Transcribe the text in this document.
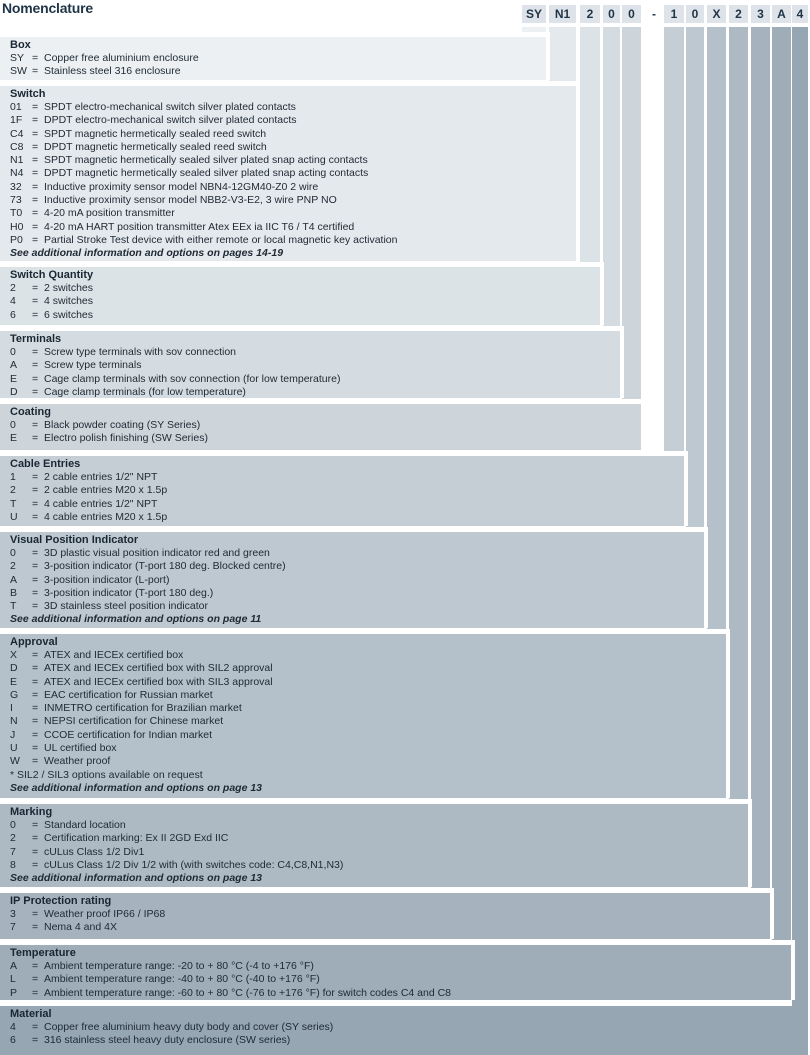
Nomenclature	SY	N1	2	0	0	-	1	0	X	2	3	A 4
Material
4 = Copper free aluminium heavy duty body and cover (SY series)
6 = 316 stainless steel heavy duty enclosure (SW series)
Temperature
A = Ambient temperature range: -20 to + 80 °C (-4 to +176 °F)
L = Ambient temperature range: -40 to + 80 °C (-40 to +176 °F)
P = Ambient temperature range: -60 to + 80 °C (-76 to +176 °F) for switch codes C4 and C8
IP Protection rating
3 = Weather proof IP66 / IP68
7 = Nema 4 and 4X
Marking
0 = Standard location
2 = Certification marking: Ex II 2GD Exd IIC
7 = cULus Class 1/2 Div1
8 = cULus Class 1/2 Div 1/2 with (with switches code: C4,C8,N1,N3)
See additional information and options on page 13
Approval
X = ATEX and IECEx certified box
D = ATEX and IECEx certified box with SIL2 approval
E = ATEX and IECEx certified box with SIL3 approval
G = EAC certification for Russian market
I = INMETRO certification for Brazilian market
N = NEPSI certification for Chinese market
J = CCOE certification for Indian market
U = UL certified box
W = Weather proof
* SIL2 / SIL3 options available on request
See additional information and options on page 13
Visual Position Indicator
0 = 3D plastic visual position indicator red and green
2 = 3-position indicator (T-port 180 deg. Blocked centre)
A = 3-position indicator (L-port)
B = 3-position indicator (T-port 180 deg.)
T = 3D stainless steel position indicator
See additional information and options on page 11
Cable Entries
1 = 2 cable entries 1/2" NPT
2 = 2 cable entries M20 x 1.5p
T = 4 cable entries 1/2" NPT
U = 4 cable entries M20 x 1.5p
Coating
0 = Black powder coating (SY Series)
E = Electro polish finishing (SW Series)
Terminals
0 = Screw type terminals with sov connection
A = Screw type terminals
E = Cage clamp terminals with sov connection (for low temperature)
D = Cage clamp terminals (for low temperature)
Switch Quantity
2 = 2 switches
4 = 4 switches
6 = 6 switches
Switch
01 = SPDT electro-mechanical switch silver plated contacts
1F = DPDT electro-mechanical switch silver plated contacts
C4 = SPDT magnetic hermetically sealed reed switch
C8 = DPDT magnetic hermetically sealed reed switch
N1 = SPDT magnetic hermetically sealed silver plated snap acting contacts
N4 = DPDT magnetic hermetically sealed silver plated snap acting contacts
32 = Inductive proximity sensor model NBN4-12GM40-Z0 2 wire
73 = Inductive proximity sensor model NBB2-V3-E2, 3 wire PNP NO
T0 = 4-20 mA position transmitter
H0 = 4-20 mA HART position transmitter Atex EEx ia IIC T6 / T4 certified
P0 = Partial Stroke Test device with either remote or local magnetic key activation
See additional information and options on pages 14-19
Box
SY = Copper free aluminium enclosure
SW = Stainless steel 316 enclosure
